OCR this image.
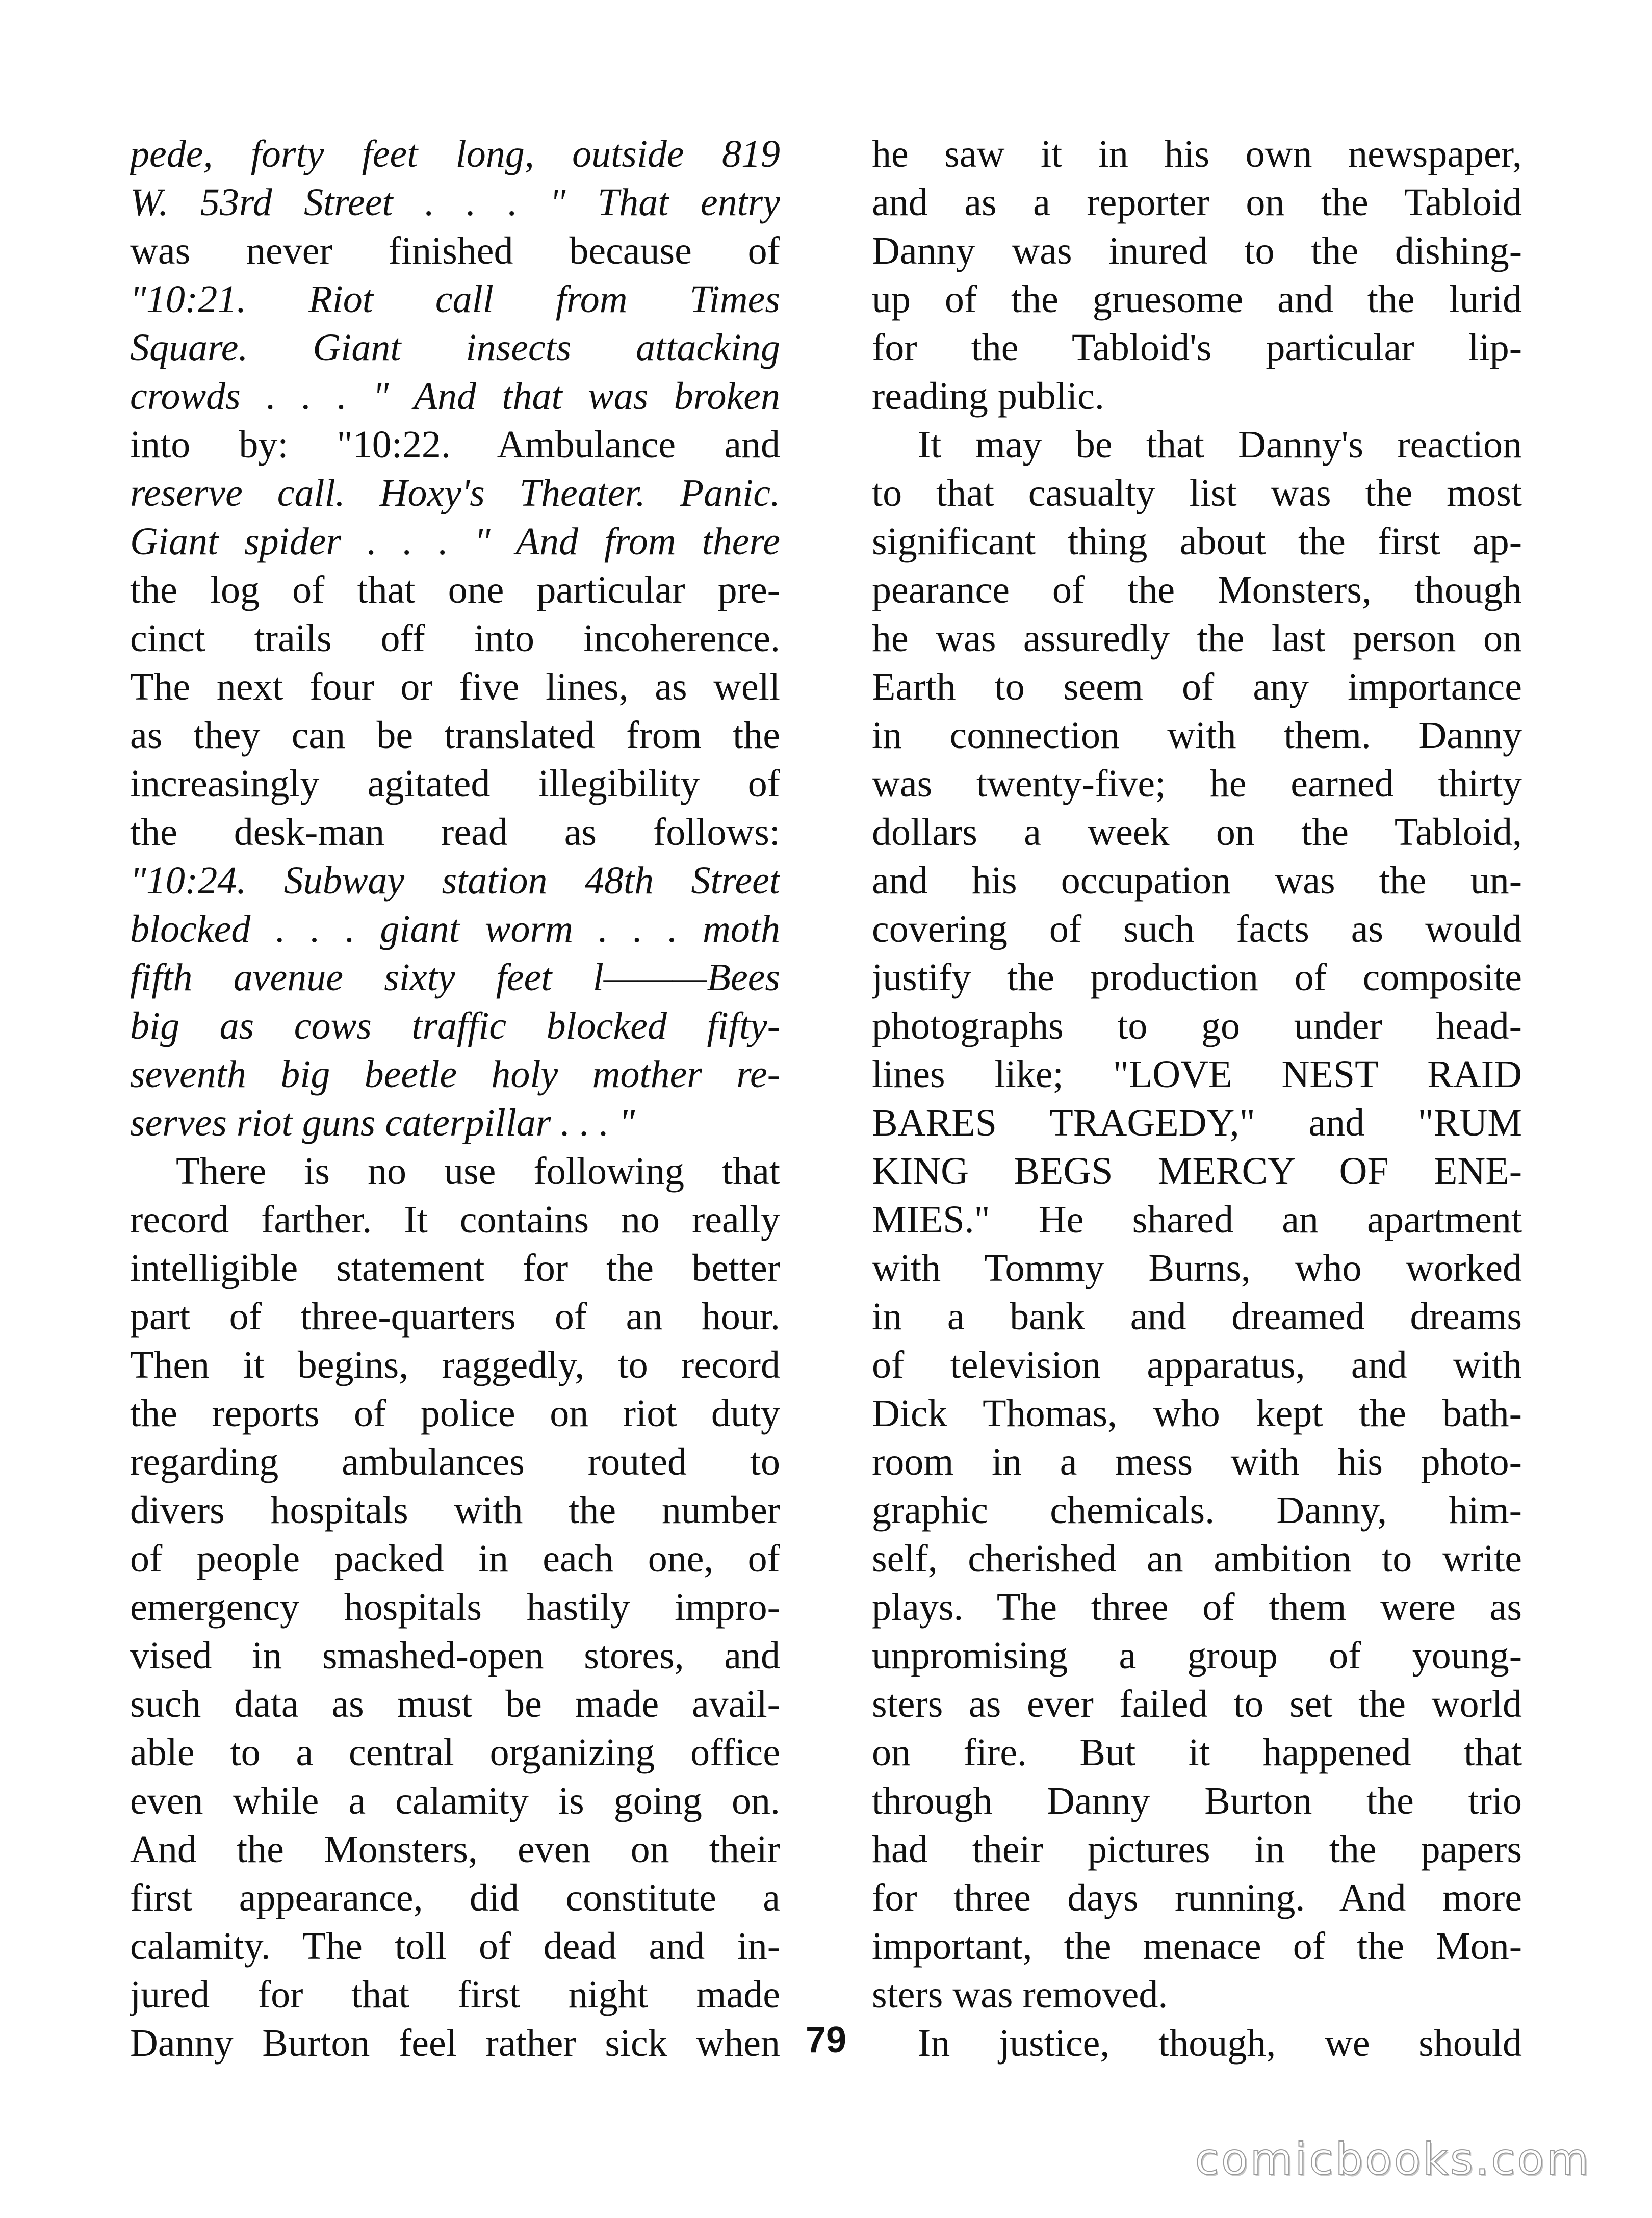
pede, forty feet long, outside 819
W. 53rd Street . . . " That entry
was never finished because of
"10:21. Riot call from Times
Square. Giant insects attacking
crowds . . . " And that was broken
into by: "10:22. Ambulance and
reserve call. Hoxy's Theater. Panic.
Giant spider . . . " And from there
the log of that one particular pre-
cinct trails off into incoherence.
The next four or five lines, as well
as they can be translated from the
increasingly agitated illegibility of
the desk-man read as follows:
"10:24. Subway station 48th Street
blocked . . . giant worm . . . moth
fifth avenue sixty feet l———Bees
big as cows traffic blocked fifty-
seventh big beetle holy mother re-
serves riot guns caterpillar . . . "
There is no use following that
record farther. It contains no really
intelligible statement for the better
part of three-quarters of an hour.
Then it begins, raggedly, to record
the reports of police on riot duty
regarding ambulances routed to
divers hospitals with the number
of people packed in each one, of
emergency hospitals hastily impro-
vised in smashed-open stores, and
such data as must be made avail-
able to a central organizing office
even while a calamity is going on.
And the Monsters, even on their
first appearance, did constitute a
calamity. The toll of dead and in-
jured for that first night made
Danny Burton feel rather sick when
he saw it in his own newspaper,
and as a reporter on the Tabloid
Danny was inured to the dishing-
up of the gruesome and the lurid
for the Tabloid's particular lip-
reading public.
It may be that Danny's reaction
to that casualty list was the most
significant thing about the first ap-
pearance of the Monsters, though
he was assuredly the last person on
Earth to seem of any importance
in connection with them. Danny
was twenty-five; he earned thirty
dollars a week on the Tabloid,
and his occupation was the un-
covering of such facts as would
justify the production of composite
photographs to go under head-
lines like; "LOVE NEST RAID
BARES TRAGEDY," and "RUM
KING BEGS MERCY OF ENE-
MIES." He shared an apartment
with Tommy Burns, who worked
in a bank and dreamed dreams
of television apparatus, and with
Dick Thomas, who kept the bath-
room in a mess with his photo-
graphic chemicals. Danny, him-
self, cherished an ambition to write
plays. The three of them were as
unpromising a group of young-
sters as ever failed to set the world
on fire. But it happened that
through Danny Burton the trio
had their pictures in the papers
for three days running. And more
important, the menace of the Mon-
sters was removed.
In justice, though, we should
79
comicbooks.com
